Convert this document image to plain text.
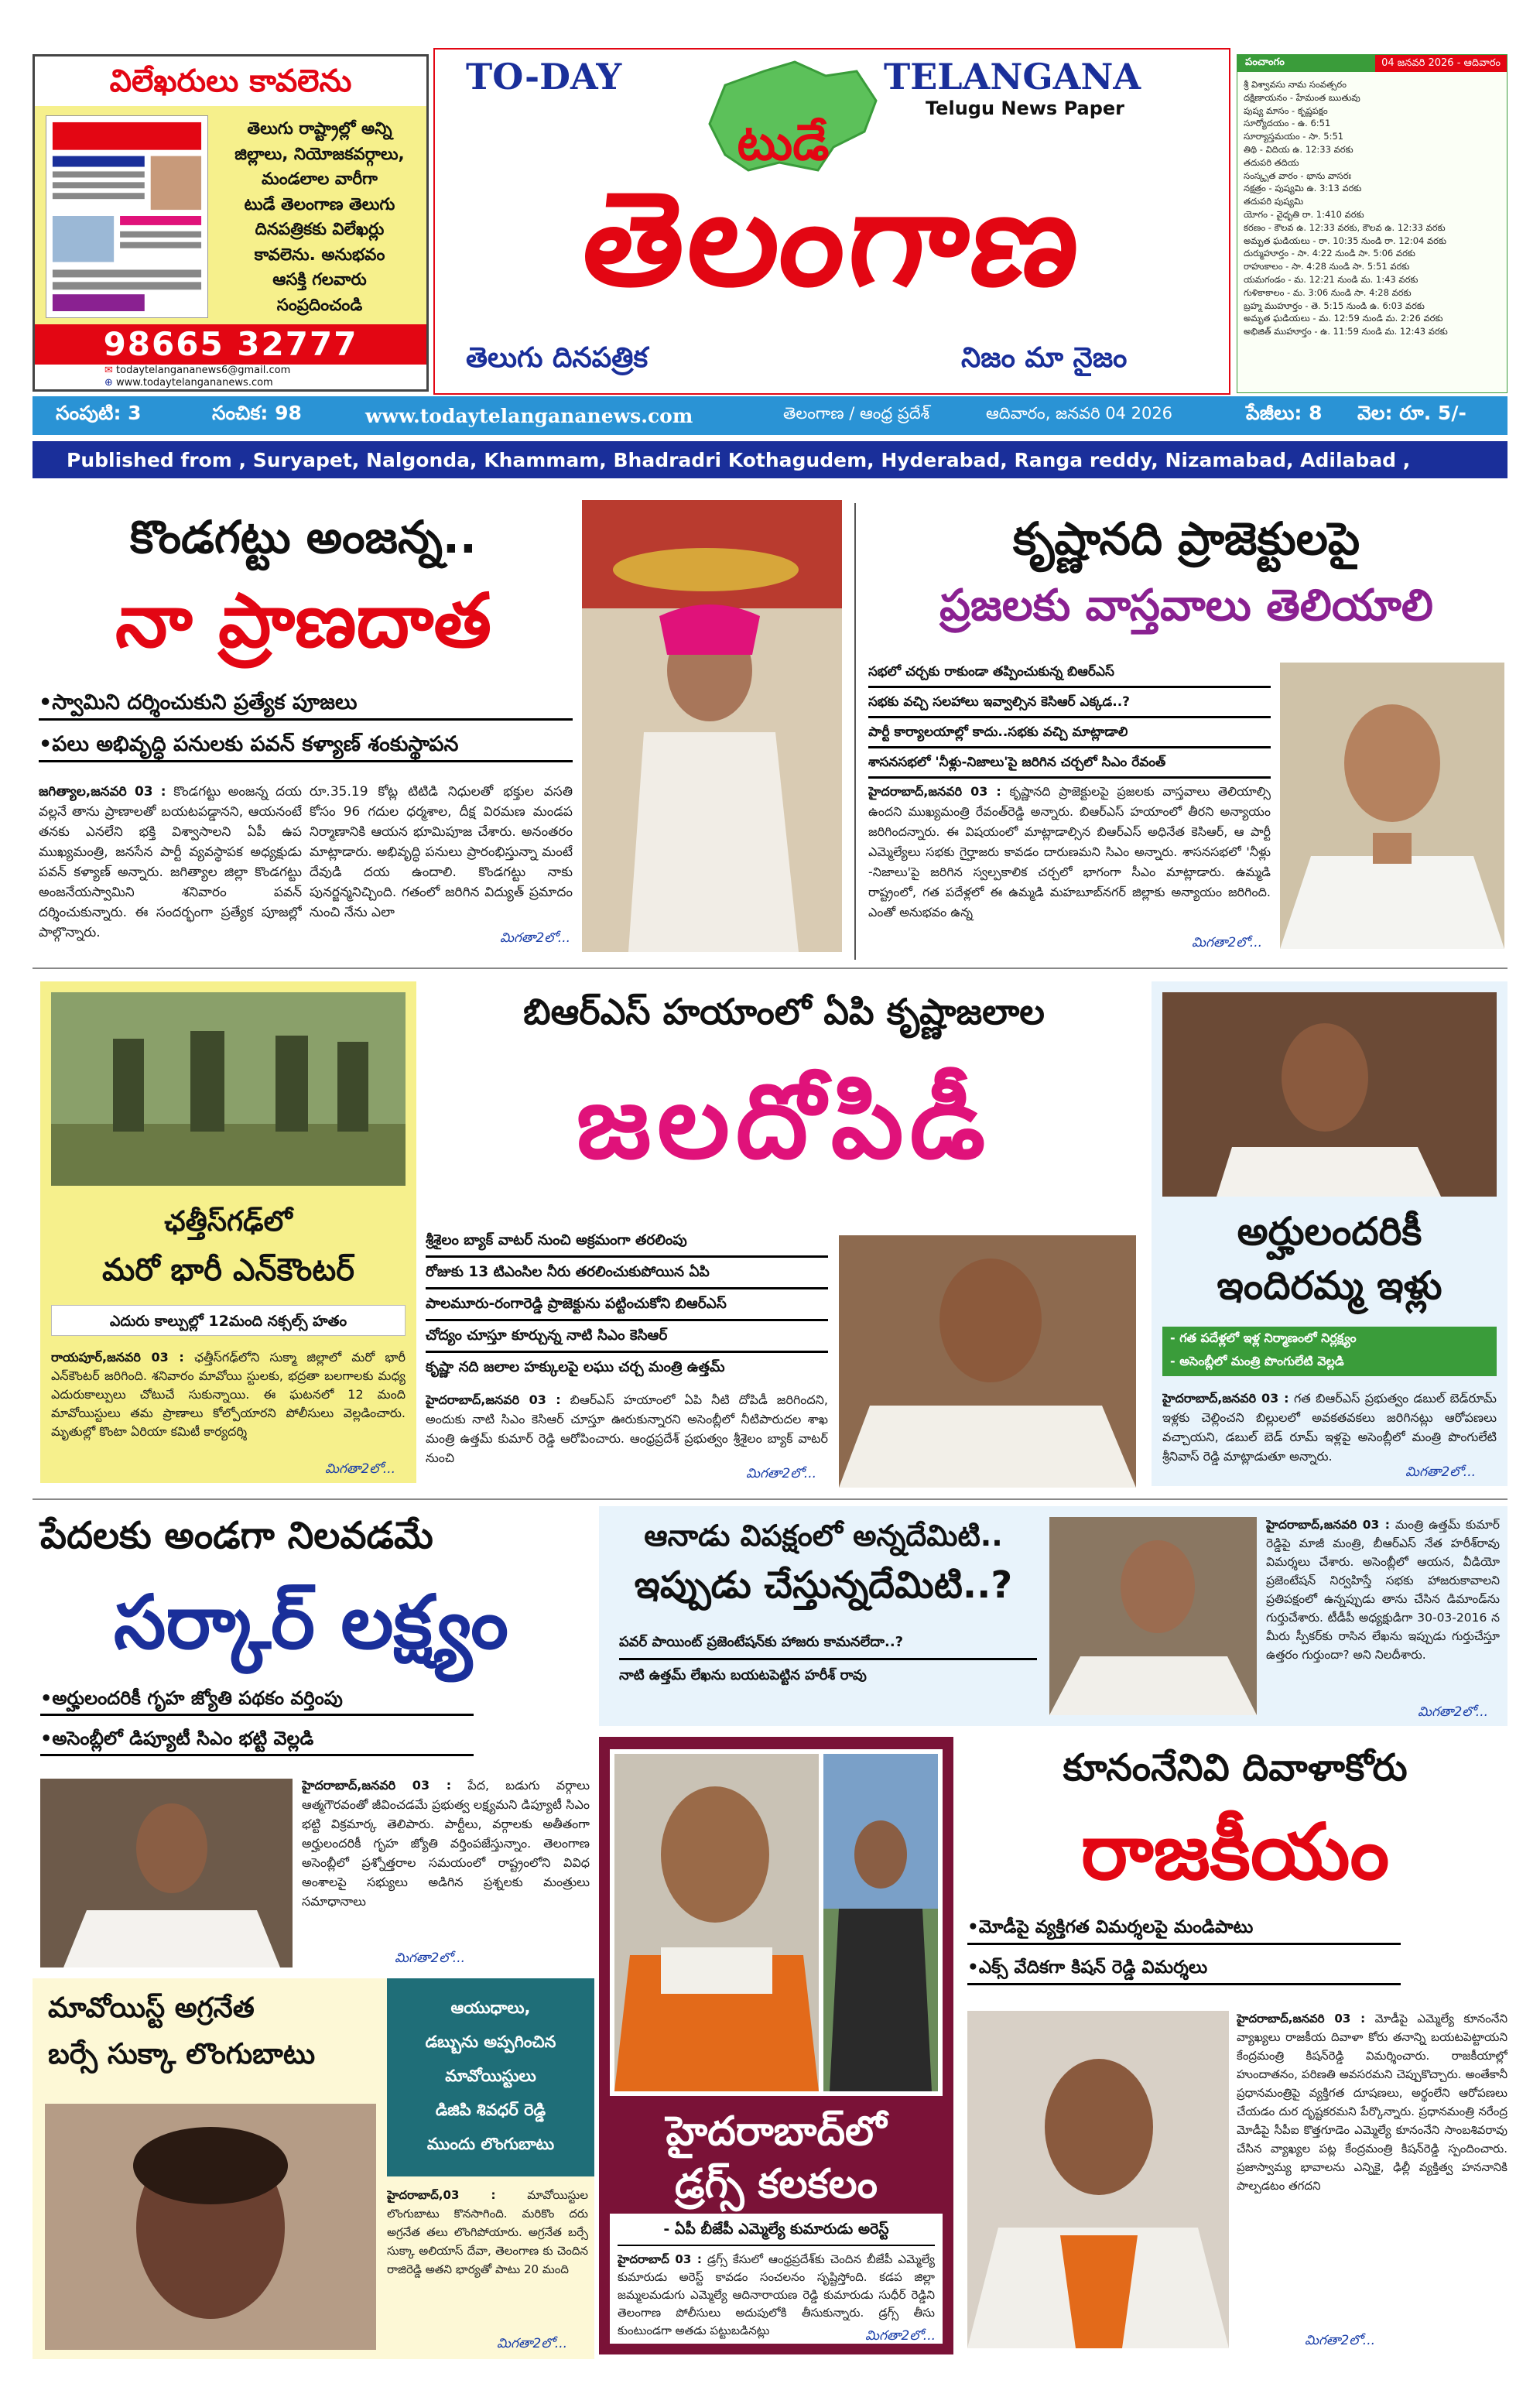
విలేఖరులు కావలెను
తెలుగు రాష్ట్రాల్లో అన్ని
జిల్లాలు, నియోజకవర్గాలు,
మండలాల వారీగా
టుడే తెలంగాణ తెలుగు
దినపత్రికకు విలేఖర్లు
కావలెను. అనుభవం
ఆసక్తి గలవారు
సంప్రదించండి
98665 32777
✉ todaytelangananews6@gmail.com
⊕ www.todaytelangananews.com
TO-DAY	TELANGANA
Telugu News Paper
టుడే
తెలంగాణ
తెలుగు దినపత్రిక	నిజం మా నైజం
పంచాంగం	04 జనవరి 2026 - ఆదివారం
శ్రీ విశ్వావసు నామ సంవత్సరం
దక్షిణాయనం - హేమంత ఋతువు
పుష్య మాసం - కృష్ణపక్షం
సూర్యోదయం - ఉ. 6:51
సూర్యాస్తమయం - సా. 5:51
తిథి - విదియ ఉ. 12:33 వరకు
తదుపరి తదియ
సంస్కృత వారం - భాను వాసరః
నక్షత్రం - పుష్యమి ఉ. 3:13 వరకు
తదుపరి పుష్యమి
యోగం - వైధృతి రా. 1:410 వరకు
కరణం - కౌలవ ఉ. 12:33 వరకు, కౌలవ ఉ. 12:33 వరకు
అమృత ఘడియలు - రా. 10:35 నుండి రా. 12:04 వరకు
దుర్ముహూర్తం - సా. 4:22 నుండి సా. 5:06 వరకు
రాహుకాలం - సా. 4:28 నుండి సా. 5:51 వరకు
యమగండం - మ. 12:21 నుండి మ. 1:43 వరకు
గుళికాకాలం - మ. 3:06 నుండి సా. 4:28 వరకు
బ్రహ్మ ముహూర్తం - తె. 5:15 నుండి ఉ. 6:03 వరకు
అమృత ఘడియలు - మ. 12:59 నుండి మ. 2:26 వరకు
అభిజిత్ ముహూర్తం - ఉ. 11:59 నుండి మ. 12:43 వరకు
సంపుటి: 3	సంచిక: 98	www.todaytelangananews.com	తెలంగాణ / ఆంధ్ర ప్రదేశ్	ఆదివారం, జనవరి 04 2026	పేజీలు: 8 వెల: రూ. 5/-
Published from , Suryapet, Nalgonda, Khammam, Bhadradri Kothagudem, Hyderabad, Ranga reddy, Nizamabad, Adilabad ,
కొండగట్టు అంజన్న..
నా ప్రాణదాత
•స్వామిని దర్శించుకుని ప్రత్యేక పూజలు
•పలు అభివృద్ధి పనులకు పవన్ కళ్యాణ్ శంకుస్థాపన
జగిత్యాల,జనవరి 03 : కొండగట్టు అంజన్న దయ వల్లనే తాను ప్రాణాలతో బయటపడ్డానని, ఆయనంటే తనకు ఎనలేని భక్తి విశ్వాసాలని ఏపీ ఉప ముఖ్యమంత్రి, జనసేన పార్టీ వ్యవస్థాపక అధ్యక్షుడు పవన్ కళ్యాణ్ అన్నారు. జగిత్యాల జిల్లా కొండగట్టు అంజనేయస్వామిని శనివారం పవన్ దర్శించుకున్నారు. ఈ సందర్భంగా ప్రత్యేక పూజల్లో పాల్గొన్నారు.
రూ.35.19 కోట్ల టిటిడి నిధులతో భక్తుల వసతి కోసం 96 గదుల ధర్మశాల, దీక్ష విరమణ మండప నిర్మాణానికి ఆయన భూమిపూజ చేశారు. అనంతరం మాట్లాడారు. అభివృద్ధి పనులు ప్రారంభిస్తున్నా మంటే దేవుడి దయ ఉందాలి. కొండగట్టు నాకు పునర్జన్మనిచ్చింది. గతంలో జరిగిన విద్యుత్ ప్రమాదం నుంచి నేను ఎలా
మిగతా2లో...
కృష్ణానది ప్రాజెక్టులపై
ప్రజలకు వాస్తవాలు తెలియాలి
సభలో చర్చకు రాకుండా తప్పించుకున్న బిఆర్ఎస్
సభకు వచ్చి సలహాలు ఇవ్వాల్సిన కెసిఆర్ ఎక్కడ..?
పార్టీ కార్యాలయాల్లో కాదు..సభకు వచ్చి మాట్లాడాలి
శాసనసభలో 'నీళ్లు-నిజాలు'పై జరిగిన చర్చలో సిఎం రేవంత్
హైదరాబాద్,జనవరి 03 : కృష్ణానది ప్రాజెక్టులపై ప్రజలకు వాస్తవాలు తెలియాల్సి ఉందని ముఖ్యమంత్రి రేవంత్‌రెడ్డి అన్నారు. బిఆర్ఎస్ హయాంలో తీరని అన్యాయం జరిగిందన్నారు. ఈ విషయంలో మాట్లాడాల్సిన బిఆర్ఎస్ అధినేత కెసిఆర్, ఆ పార్టీ ఎమ్మెల్యేలు సభకు గైర్హాజరు కావడం దారుణమని సిఎం అన్నారు. శాసనసభలో 'నీళ్లు -నిజాలు'పై జరిగిన స్వల్పకాలిక చర్చలో భాగంగా సీఎం మాట్లాడారు. ఉమ్మడి రాష్ట్రంలో, గత పదేళ్లలో ఈ ఉమ్మడి మహబూబ్‌నగర్ జిల్లాకు అన్యాయం జరిగింది. ఎంతో అనుభవం ఉన్న
మిగతా2లో...
ఛత్తీస్‌గఢ్‌లో
మరో భారీ ఎన్‌కౌంటర్
ఎదురు కాల్పుల్లో 12మంది నక్సల్స్ హతం
రాయపూర్,జనవరి 03 : ఛత్తీస్‌గఢ్‌లోని సుక్మా జిల్లాలో మరో భారీ ఎన్‌కౌంటర్ జరిగింది. శనివారం మావోయి స్టులకు, భద్రతా బలగాలకు మధ్య ఎదురుకాల్పులు చోటుచే సుకున్నాయి. ఈ ఘటనలో 12 మంది మావోయిస్టులు తమ ప్రాణాలు కోల్పోయారని పోలీసులు వెల్లడించారు. మృతుల్లో కొంటా ఏరియా కమిటీ కార్యదర్శి
మిగతా2లో...
బిఆర్ఎస్ హయాంలో ఏపి కృష్ణాజలాల
జలదోపిడీ
శ్రీశైలం బ్యాక్ వాటర్ నుంచి అక్రమంగా తరలింపు
రోజుకు 13 టిఎంసిల నీరు తరలించుకుపోయిన ఏపి
పాలమూరు-రంగారెడ్డి ప్రాజెక్టును పట్టించుకోని బిఆర్ఎస్
చోద్యం చూస్తూ కూర్చున్న నాటి సిఎం కెసిఆర్
కృష్ణా నది జలాల హక్కులపై లఘు చర్చ మంత్రి ఉత్తమ్
హైదరాబాద్,జనవరి 03 : బిఆర్ఎస్ హయాంలో ఏపి నీటి దోపిడీ జరిగిందని, అందుకు నాటి సిఎం కెసిఆర్ చూస్తూ ఊరుకున్నారని అసెంబ్లీలో నీటిపారుదల శాఖ మంత్రి ఉత్తమ్ కుమార్ రెడ్డి ఆరోపించారు. ఆంధ్రప్రదేశ్ ప్రభుత్వం శ్రీశైలం బ్యాక్ వాటర్ నుంచి
మిగతా2లో...
అర్హులందరికీ
ఇందిరమ్మ ఇళ్లు
- గత పదేళ్లలో ఇళ్ల నిర్మాణంలో నిర్లక్ష్యం
- అసెంబ్లీలో మంత్రి పొంగులేటి వెల్లడి
హైదరాబాద్,జనవరి 03 : గత బిఆర్ఎస్ ప్రభుత్వం డబుల్ బెడ్‌రూమ్ ఇళ్లకు చెల్లించని బిల్లులలో అవకతవకలు జరిగినట్లు ఆరోపణలు వచ్చాయని, డబుల్ బెడ్ రూమ్ ఇళ్లపై అసెంబ్లీలో మంత్రి పొంగులేటి శ్రీనివాస్ రెడ్డి మాట్లాడుతూ అన్నారు.
మిగతా2లో...
పేదలకు అండగా నిలవడమే
సర్కార్ లక్ష్యం
•అర్హులందరికీ గృహ జ్యోతి పథకం వర్తింపు
•అసెంబ్లీలో డిప్యూటీ సిఎం భట్టి వెల్లడి
హైదరాబాద్,జనవరి 03 : పేద, బడుగు వర్గాలు ఆత్మగౌరవంతో జీవించడమే ప్రభుత్వ లక్ష్యమని డిప్యూటీ సిఎం భట్టి విక్రమార్క తెలిపారు. పార్టీలు, వర్గాలకు అతీతంగా అర్హులందరికీ గృహ జ్యోతి వర్తింపజేస్తున్నాం. తెలంగాణ అసెంబ్లీలో ప్రశ్నోత్తరాల సమయంలో రాష్ట్రంలోని వివిధ అంశాలపై సభ్యులు అడిగిన ప్రశ్నలకు మంత్రులు సమాధానాలు
మిగతా2లో...
ఆనాడు విపక్షంలో అన్నదేమిటి..
ఇప్పుడు చేస్తున్నదేమిటి..?
పవర్ పాయింట్ ప్రజెంటేషన్‌కు హాజరు కామనలేదా..?
నాటి ఉత్తమ్ లేఖను బయటపెట్టిన హరీశ్ రావు
హైదరాబాద్,జనవరి 03 : మంత్రి ఉత్తమ్ కుమార్ రెడ్డిపై మాజీ మంత్రి, బీఆర్ఎస్ నేత హరీశ్‌రావు విమర్శలు చేశారు. అసెంబ్లీలో ఆయన, వీడియో ప్రజెంటేషన్ నిర్వహిస్తే సభకు హాజరుకావాలని ప్రతిపక్షంలో ఉన్నప్పుడు తాను చేసిన డిమాండ్‌ను గుర్తుచేశారు. టీడీపీ అధ్యక్షుడిగా 30-03-2016 న మీరు స్పీకర్‌కు రాసిన లేఖను ఇప్పుడు గుర్తుచేస్తూ ఉత్తరం గుర్తుందా? అని నిలదీశారు.
మిగతా2లో...
హైదరాబాద్‌లో
డ్రగ్స్ కలకలం
- ఏపీ బీజేపీ ఎమ్మెల్యే కుమారుడు అరెస్ట్
హైదరాబాద్ 03 : డ్రగ్స్ కేసులో ఆంధ్రప్రదేశ్‌కు చెందిన బీజేపీ ఎమ్మెల్యే కుమారుడు అరెస్ట్ కావడం సంచలనం సృష్టిస్తోంది. కడప జిల్లా జమ్మలమడుగు ఎమ్మెల్యే ఆదినారాయణ రెడ్డి కుమారుడు సుధీర్ రెడ్డిని తెలంగాణ పోలీసులు అదుపులోకి తీసుకున్నారు. డ్రగ్స్ తీసు కుంటుండగా అతడు పట్టుబడినట్లు	మిగతా2లో...
కూనంనేనివి దివాళాకోరు
రాజకీయం
•మోడీపై వ్యక్తిగత విమర్శలపై మండిపాటు
•ఎక్స్ వేదికగా కిషన్ రెడ్డి విమర్శలు
హైదరాబాద్,జనవరి 03 : మోడీపై ఎమ్మెల్యే కూనంనేని వ్యాఖ్యలు రాజకీయ దివాళా కోరు తనాన్ని బయటపెట్టాయని కేంద్రమంత్రి కిషన్‌రెడ్డి విమర్శించారు. రాజకీయాల్లో హుందాతనం, పరిణతి అవసరమని చెప్పుకొచ్చారు. అంతేకానీ ప్రధానమంత్రిపై వ్యక్తిగత దూషణలు, అర్థంలేని ఆరోపణలు చేయడం దుర దృష్టకరమని పేర్కొన్నారు. ప్రధానమంత్రి నరేంద్ర మోడీపై సీపీఐ కొత్తగూడెం ఎమ్మెల్యే కూనంనేని సాంబశివరావు చేసిన వ్యాఖ్యల పట్ల కేంద్రమంత్రి కిషన్‌రెడ్డి స్పందించారు. ప్రజాస్వామ్య భావాలను ఎన్నికై, ఢిల్లీ వ్యక్తిత్వ హననానికి పాల్పడటం తగదని
మిగతా2లో...
మావోయిస్ట్ అగ్రనేత
బర్సే సుక్కా లొంగుబాటు
ఆయుధాలు,
డబ్బును అప్పగించిన
మావోయిస్టులు
డిజిపి శివధర్ రెడ్డి
ముందు లొంగుబాటు
హైదరాబాద్,03 :	మావోయిస్టుల లొంగుబాటు కొనసాగింది. మరికొం దరు అగ్రనేత తలు లొంగిపోయారు. అగ్రనేత బర్సే సుక్కా అలియాస్ దేవా, తెలంగాణ కు చెందిన రాజిరెడ్డి అతని భార్యతో పాటు 20 మంది
మిగతా2లో...
